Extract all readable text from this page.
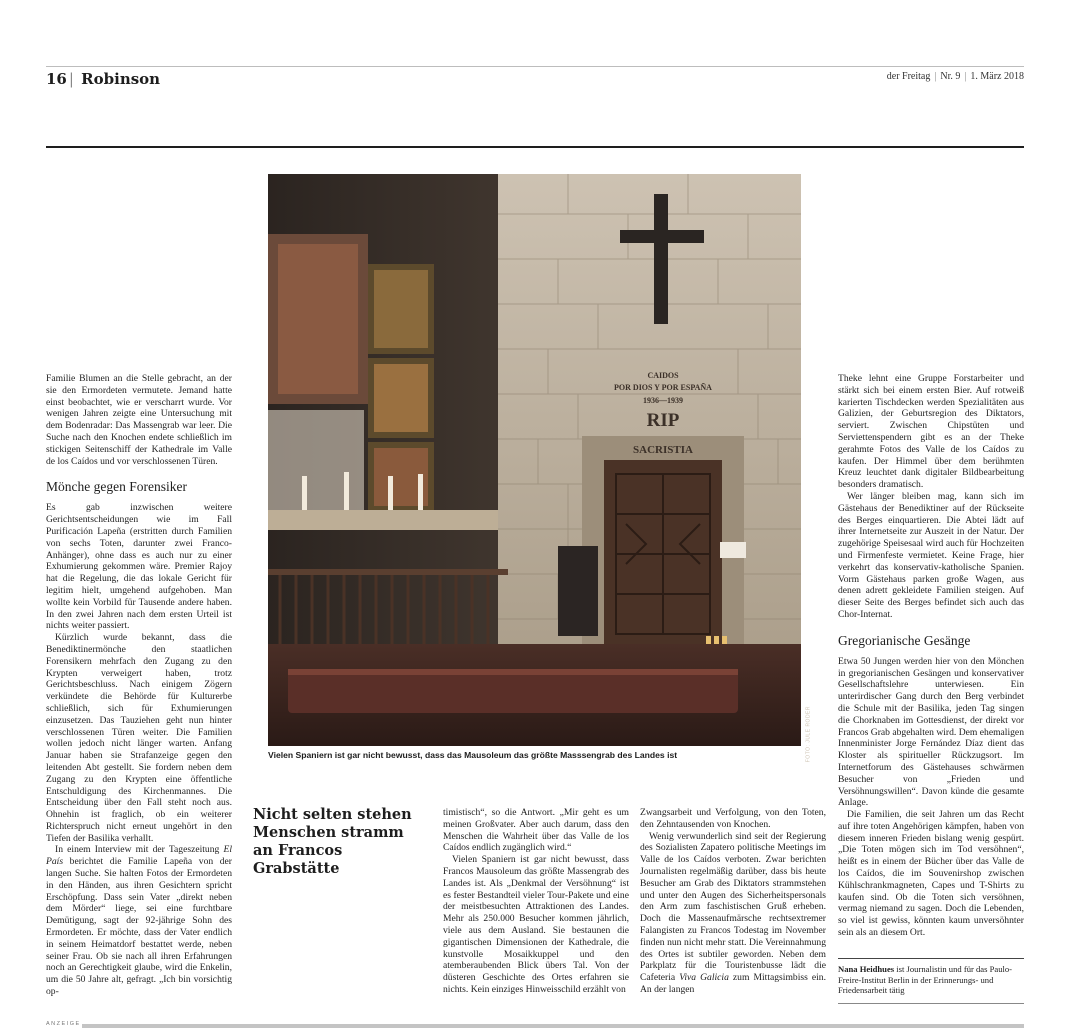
16 | Robinson	der Freitag | Nr. 9 | 1. März 2018

Familie Blumen an die Stelle gebracht, an der sie den Ermordeten vermutete. Jemand hatte einst beobachtet, wie er verscharrt wurde. Vor wenigen Jahren zeigte eine Untersuchung mit dem Bodenradar: Das Massengrab war leer. Die Suche nach den Knochen endete schließlich im stickigen Seitenschiff der Kathedrale im Valle de los Caídos und vor verschlossenen Türen.

Mönche gegen Forensiker

Es gab inzwischen weitere Gerichtsentscheidungen wie im Fall Purificación Lapeña (erstritten durch Familien von sechs Toten, darunter zwei Franco-Anhänger), ohne dass es auch nur zu einer Exhumierung gekommen wäre. Premier Rajoy hat die Regelung, die das lokale Gericht für legitim hielt, umgehend aufgehoben. Man wollte kein Vorbild für Tausende andere haben. In den zwei Jahren nach dem ersten Urteil ist nichts weiter passiert.

Kürzlich wurde bekannt, dass die Benediktinermönche den staatlichen Forensikern mehrfach den Zugang zu den Krypten verweigert haben, trotz Gerichtsbeschluss. Nach einigem Zögern verkündete die Behörde für Kulturerbe schließlich, sich für Exhumierungen einzusetzen. Das Tauziehen geht nun hinter verschlossenen Türen weiter. Die Familien wollen jedoch nicht länger warten. Anfang Januar haben sie Strafanzeige gegen den leitenden Abt gestellt. Sie fordern neben dem Zugang zu den Krypten eine öffentliche Entschuldigung des Kirchenmannes. Die Entscheidung über den Fall steht noch aus. Ohnehin ist fraglich, ob ein weiterer Richterspruch nicht erneut ungehört in den Tiefen der Basilika verhallt.

In einem Interview mit der Tageszeitung El País berichtet die Familie Lapeña von der langen Suche. Sie halten Fotos der Ermordeten in den Händen, aus ihren Gesichtern spricht Erschöpfung. Dass sein Vater „direkt neben dem Mörder“ liege, sei eine furchtbare Demütigung, sagt der 92-jährige Sohn des Ermordeten. Er möchte, dass der Vater endlich in seinem Heimatdorf bestattet werde, neben seiner Frau. Ob sie nach all ihren Erfahrungen noch an Gerechtigkeit glaube, wird die Enkelin, um die 50 Jahre alt, gefragt. „Ich bin vorsichtig op-

CAIDOS
POR DIOS Y POR ESPAÑA
1936—1939
RIP
SACRISTIA
FOTO: JULE RODER
Vielen Spaniern ist gar nicht bewusst, dass das Mausoleum das größte Masssengrab des Landes ist
Nicht selten stehen Menschen stramm an Francos Grabstätte

timistisch“, so die Antwort. „Mir geht es um meinen Großvater. Aber auch darum, dass den Menschen die Wahrheit über das Valle de los Caídos endlich zugänglich wird.“

Vielen Spaniern ist gar nicht bewusst, dass Francos Mausoleum das größte Massengrab des Landes ist. Als „Denkmal der Versöhnung“ ist es fester Bestandteil vieler Tour-Pakete und eine der meistbesuchten Attraktionen des Landes. Mehr als 250.000 Besucher kommen jährlich, viele aus dem Ausland. Sie bestaunen die gigantischen Dimensionen der Kathedrale, die kunstvolle Mosaikkuppel und den atemberaubenden Blick übers Tal. Von der düsteren Geschichte des Ortes erfahren sie nichts. Kein einziges Hinweisschild erzählt von

Zwangsarbeit und Verfolgung, von den Toten, den Zehntausenden von Knochen.

Wenig verwunderlich sind seit der Regierung des Sozialisten Zapatero politische Meetings im Valle de los Caídos verboten. Zwar berichten Journalisten regelmäßig darüber, dass bis heute Besucher am Grab des Diktators strammstehen und unter den Augen des Sicherheitspersonals den Arm zum faschistischen Gruß erheben. Doch die Massenaufmärsche rechtsextremer Falangisten zu Francos Todestag im November finden nun nicht mehr statt. Die Vereinnahmung des Ortes ist subtiler geworden. Neben dem Parkplatz für die Touristenbusse lädt die Cafeteria Viva Galicia zum Mittagsimbiss ein. An der langen

Theke lehnt eine Gruppe Forstarbeiter und stärkt sich bei einem ersten Bier. Auf rotweiß karierten Tischdecken werden Spezialitäten aus Galizien, der Geburtsregion des Diktators, serviert. Zwischen Chipstüten und Serviettenspendern gibt es an der Theke gerahmte Fotos des Valle de los Caídos zu kaufen. Der Himmel über dem berühmten Kreuz leuchtet dank digitaler Bildbearbeitung besonders dramatisch.

Wer länger bleiben mag, kann sich im Gästehaus der Benediktiner auf der Rückseite des Berges einquartieren. Die Abtei lädt auf ihrer Internetseite zur Auszeit in der Natur. Der zugehörige Speisesaal wird auch für Hochzeiten und Firmenfeste vermietet. Keine Frage, hier verkehrt das konservativ-katholische Spanien. Vorm Gästehaus parken große Wagen, aus denen adrett gekleidete Familien steigen. Auf dieser Seite des Berges befindet sich auch das Chor-Internat.

Gregorianische Gesänge

Etwa 50 Jungen werden hier von den Mönchen in gregorianischen Gesängen und konservativer Gesellschaftslehre unterwiesen. Ein unterirdischer Gang durch den Berg verbindet die Schule mit der Basilika, jeden Tag singen die Chorknaben im Gottesdienst, der direkt vor Francos Grab abgehalten wird. Dem ehemaligen Innenminister Jorge Fernández Díaz dient das Kloster als spiritueller Rückzugsort. Im Internetforum des Gästehauses schwärmen Besucher von „Frieden und Versöhnungswillen“. Davon künde die gesamte Anlage.

Die Familien, die seit Jahren um das Recht auf ihre toten Angehörigen kämpfen, haben von diesem inneren Frieden bislang wenig gespürt. „Die Toten mögen sich im Tod versöhnen“, heißt es in einem der Bücher über das Valle de los Caídos, die im Souvenirshop zwischen Kühlschrankmagneten, Capes und T-Shirts zu kaufen sind. Ob die Toten sich versöhnen, vermag niemand zu sagen. Doch die Lebenden, so viel ist gewiss, könnten kaum unversöhnter sein als an diesem Ort.

Nana Heidhues ist Journalistin und für das Paulo-Freire-Institut Berlin in der Erinnerungs- und Friedensarbeit tätig
ANZEIGE
